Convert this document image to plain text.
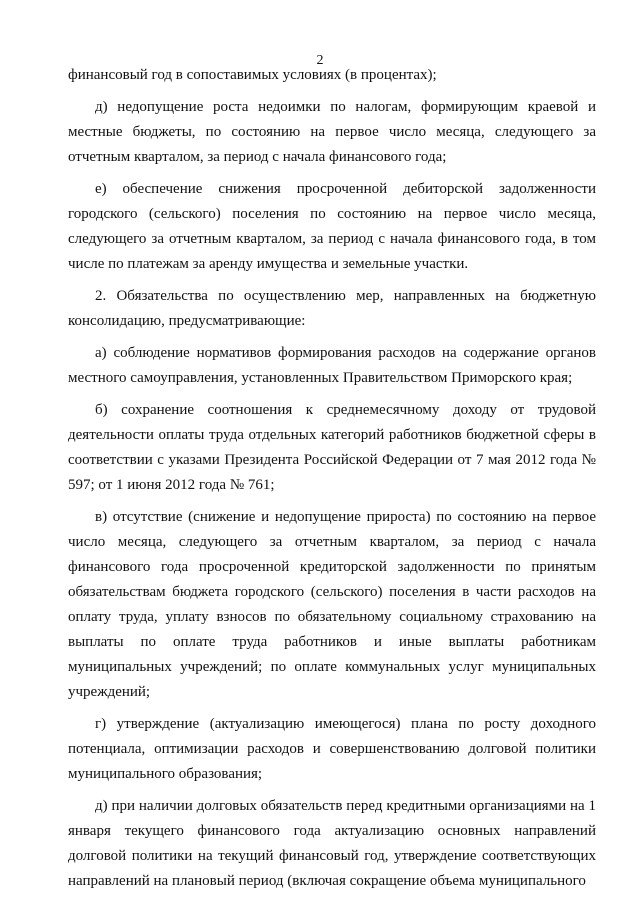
2

финансовый год в сопоставимых условиях (в процентах);

д) недопущение роста недоимки по налогам, формирующим краевой и местные бюджеты, по состоянию на первое число месяца, следующего за отчетным кварталом, за период с начала финансового года;

е) обеспечение снижения просроченной дебиторской задолженности городского (сельского) поселения по состоянию на первое число месяца, следующего за отчетным кварталом, за период с начала финансового года, в том числе по платежам за аренду имущества и земельные участки.

2. Обязательства по осуществлению мер, направленных на бюджетную консолидацию, предусматривающие:

а) соблюдение нормативов формирования расходов на содержание органов местного самоуправления, установленных Правительством Приморского края;

б) сохранение соотношения к среднемесячному доходу от трудовой деятельности оплаты труда отдельных категорий работников бюджетной сферы в соответствии с указами Президента Российской Федерации от 7 мая 2012 года № 597; от 1 июня 2012 года № 761;

в) отсутствие (снижение и недопущение прироста) по состоянию на первое число месяца, следующего за отчетным кварталом, за период с начала финансового года просроченной кредиторской задолженности по принятым обязательствам бюджета городского (сельского) поселения в части расходов на оплату труда, уплату взносов по обязательному социальному страхованию на выплаты по оплате труда работников и иные выплаты работникам муниципальных учреждений; по оплате коммунальных услуг муниципальных учреждений;

г) утверждение (актуализацию имеющегося) плана по росту доходного потенциала, оптимизации расходов и совершенствованию долговой политики муниципального образования;

д) при наличии долговых обязательств перед кредитными организациями на 1 января текущего финансового года актуализацию основных направлений долговой политики на текущий финансовый год, утверждение соответствующих направлений на плановый период (включая сокращение объема муниципального
